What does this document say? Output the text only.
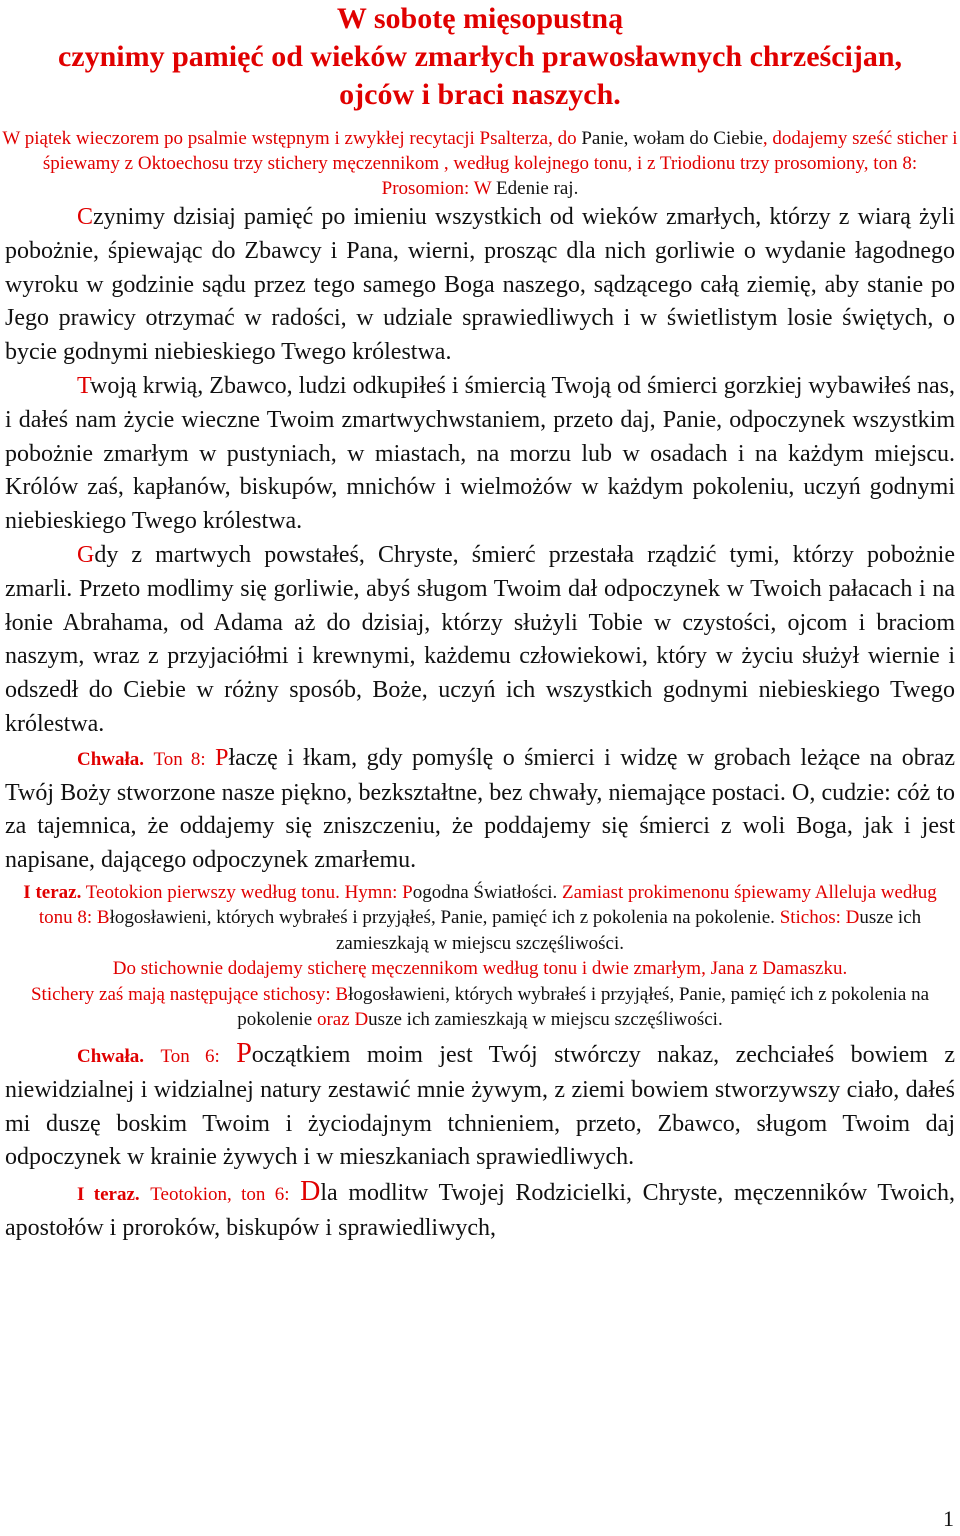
W sobotę mięsopustną
czynimy pamięć od wieków zmarłych prawosławnych chrześcijan,
ojców i braci naszych.
W piątek wieczorem po psalmie wstępnym i zwykłej recytacji Psalterza, do Panie, wołam do Ciebie, dodajemy sześć sticher i śpiewamy z Oktoechosu trzy stichery męczennikom , według kolejnego tonu, i z Triodionu trzy prosomiony, ton 8:
Prosomion: W Edenie raj.

Czynimy dzisiaj pamięć po imieniu wszystkich od wieków zmarłych, którzy z wiarą żyli pobożnie, śpiewając do Zbawcy i Pana, wierni, prosząc dla nich gorliwie o wydanie łagodnego wyroku w godzinie sądu przez tego samego Boga naszego, sądzącego całą ziemię, aby stanie po Jego prawicy otrzymać w radości, w udziale sprawiedliwych i w świetlistym losie świętych, o bycie godnymi niebieskiego Twego królestwa.

Twoją krwią, Zbawco, ludzi odkupiłeś i śmiercią Twoją od śmierci gorzkiej wybawiłeś nas, i dałeś nam życie wieczne Twoim zmartwychwstaniem, przeto daj, Panie, odpoczynek wszystkim pobożnie zmarłym w pustyniach, w miastach, na morzu lub w osadach i na każdym miejscu. Królów zaś, kapłanów, biskupów, mnichów i wielmożów w każdym pokoleniu, uczyń godnymi niebieskiego Twego królestwa.

Gdy z martwych powstałeś, Chryste, śmierć przestała rządzić tymi, którzy pobożnie zmarli. Przeto modlimy się gorliwie, abyś sługom Twoim dał odpoczynek w Twoich pałacach i na łonie Abrahama, od Adama aż do dzisiaj, którzy służyli Tobie w czystości, ojcom i braciom naszym, wraz z przyjaciółmi i krewnymi, każdemu człowiekowi, który w życiu służył wiernie i odszedł do Ciebie w różny sposób, Boże, uczyń ich wszystkich godnymi niebieskiego Twego królestwa.

Chwała. Ton 8: Płaczę i łkam, gdy pomyślę o śmierci i widzę w grobach leżące na obraz Twój Boży stworzone nasze piękno, bezkształtne, bez chwały, niemające postaci. O, cudzie: cóż to za tajemnica, że oddajemy się zniszczeniu, że poddajemy się śmierci z woli Boga, jak i jest napisane, dającego odpoczynek zmarłemu.

I teraz. Teotokion pierwszy według tonu. Hymn: Pogodna Światłości. Zamiast prokimenonu śpiewamy Alleluja według tonu 8: Błogosławieni, których wybrałeś i przyjąłeś, Panie, pamięć ich z pokolenia na pokolenie. Stichos: Dusze ich zamieszkają w miejscu szczęśliwości.

Do stichownie dodajemy sticherę męczennikom według tonu i dwie zmarłym, Jana z Damaszku.

Stichery zaś mają następujące stichosy: Błogosławieni, których wybrałeś i przyjąłeś, Panie, pamięć ich z pokolenia na pokolenie oraz Dusze ich zamieszkają w miejscu szczęśliwości.

Chwała. Ton 6: Początkiem moim jest Twój stwórczy nakaz, zechciałeś bowiem z niewidzialnej i widzialnej natury zestawić mnie żywym, z ziemi bowiem stworzywszy ciało, dałeś mi duszę boskim Twoim i życiodajnym tchnieniem, przeto, Zbawco, sługom Twoim daj odpoczynek w krainie żywych i w mieszkaniach sprawiedliwych.

I teraz. Teotokion, ton 6: Dla modlitw Twojej Rodzicielki, Chryste, męczenników Twoich, apostołów i proroków, biskupów i sprawiedliwych,

1
